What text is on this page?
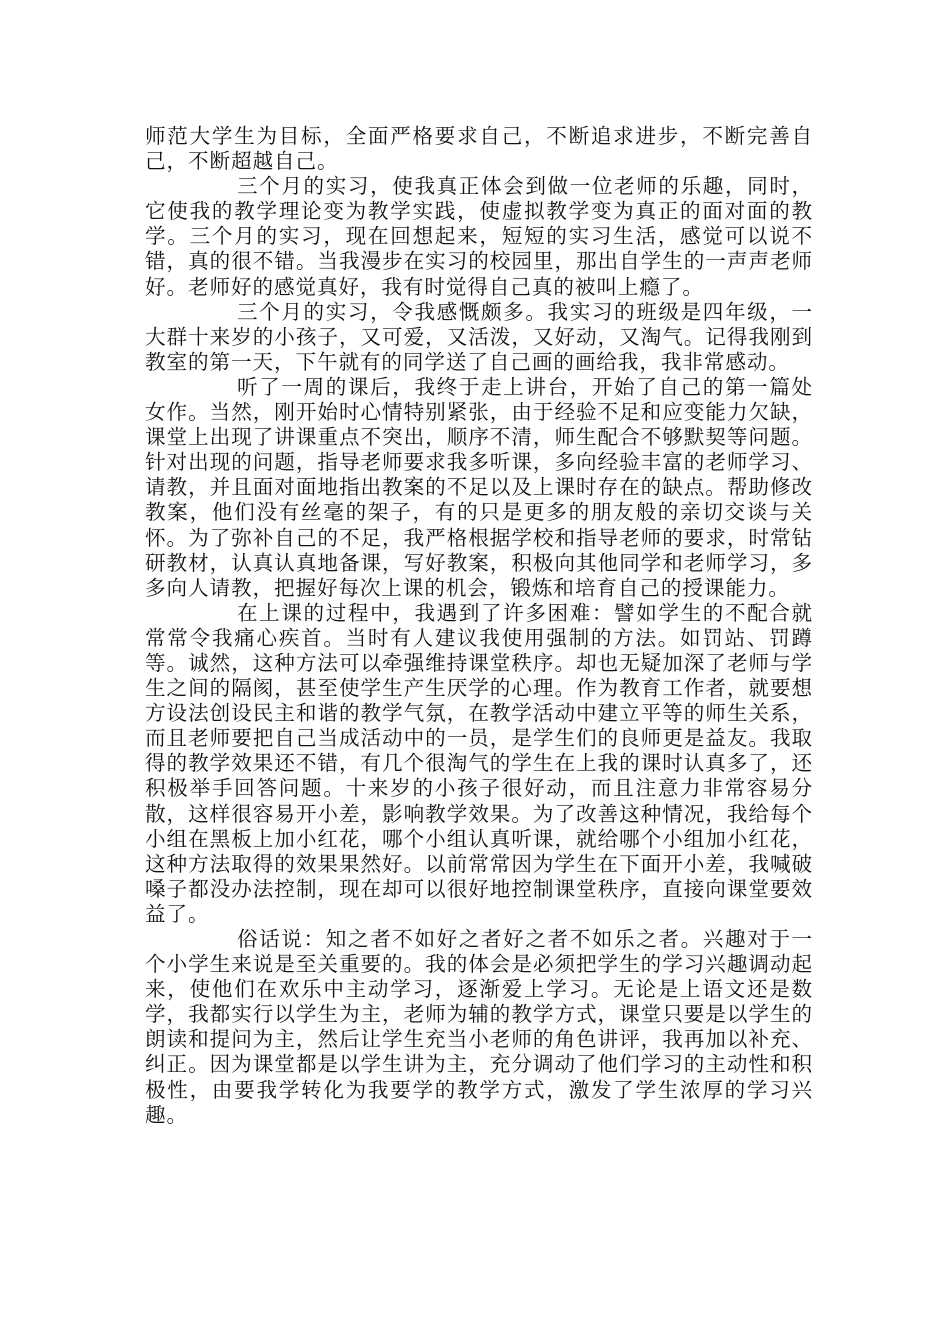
师范大学生为目标，全面严格要求自己，不断追求进步，不断完善自己，不断超越自己。

三个月的实习，使我真正体会到做一位老师的乐趣，同时，它使我的教学理论变为教学实践，使虚拟教学变为真正的面对面的教学。三个月的实习，现在回想起来，短短的实习生活，感觉可以说不错，真的很不错。当我漫步在实习的校园里，那出自学生的一声声老师好。老师好的感觉真好，我有时觉得自己真的被叫上瘾了。

三个月的实习，令我感慨颇多。我实习的班级是四年级，一大群十来岁的小孩子，又可爱，又活泼，又好动，又淘气。记得我刚到教室的第一天，下午就有的同学送了自己画的画给我，我非常感动。

听了一周的课后，我终于走上讲台，开始了自己的第一篇处女作。当然，刚开始时心情特别紧张，由于经验不足和应变能力欠缺，课堂上出现了讲课重点不突出，顺序不清，师生配合不够默契等问题。针对出现的问题，指导老师要求我多听课，多向经验丰富的老师学习、请教，并且面对面地指出教案的不足以及上课时存在的缺点。帮助修改教案，他们没有丝毫的架子，有的只是更多的朋友般的亲切交谈与关怀。为了弥补自己的不足，我严格根据学校和指导老师的要求，时常钻研教材，认真认真地备课，写好教案，积极向其他同学和老师学习，多多向人请教，把握好每次上课的机会，锻炼和培育自己的授课能力。

在上课的过程中，我遇到了许多困难：譬如学生的不配合就常常令我痛心疾首。当时有人建议我使用强制的方法。如罚站、罚蹲等。诚然，这种方法可以牵强维持课堂秩序。却也无疑加深了老师与学生之间的隔阂，甚至使学生产生厌学的心理。作为教育工作者，就要想方设法创设民主和谐的教学气氛，在教学活动中建立平等的师生关系，而且老师要把自己当成活动中的一员，是学生们的良师更是益友。我取得的教学效果还不错，有几个很淘气的学生在上我的课时认真多了，还积极举手回答问题。十来岁的小孩子很好动，而且注意力非常容易分散，这样很容易开小差，影响教学效果。为了改善这种情况，我给每个小组在黑板上加小红花，哪个小组认真听课，就给哪个小组加小红花，这种方法取得的效果果然好。以前常常因为学生在下面开小差，我喊破嗓子都没办法控制，现在却可以很好地控制课堂秩序，直接向课堂要效益了。

俗话说：知之者不如好之者好之者不如乐之者。兴趣对于一个小学生来说是至关重要的。我的体会是必须把学生的学习兴趣调动起来，使他们在欢乐中主动学习，逐渐爱上学习。无论是上语文还是数学，我都实行以学生为主，老师为辅的教学方式，课堂只要是以学生的朗读和提问为主，然后让学生充当小老师的角色讲评，我再加以补充、纠正。因为课堂都是以学生讲为主，充分调动了他们学习的主动性和积极性，由要我学转化为我要学的教学方式，激发了学生浓厚的学习兴趣。
